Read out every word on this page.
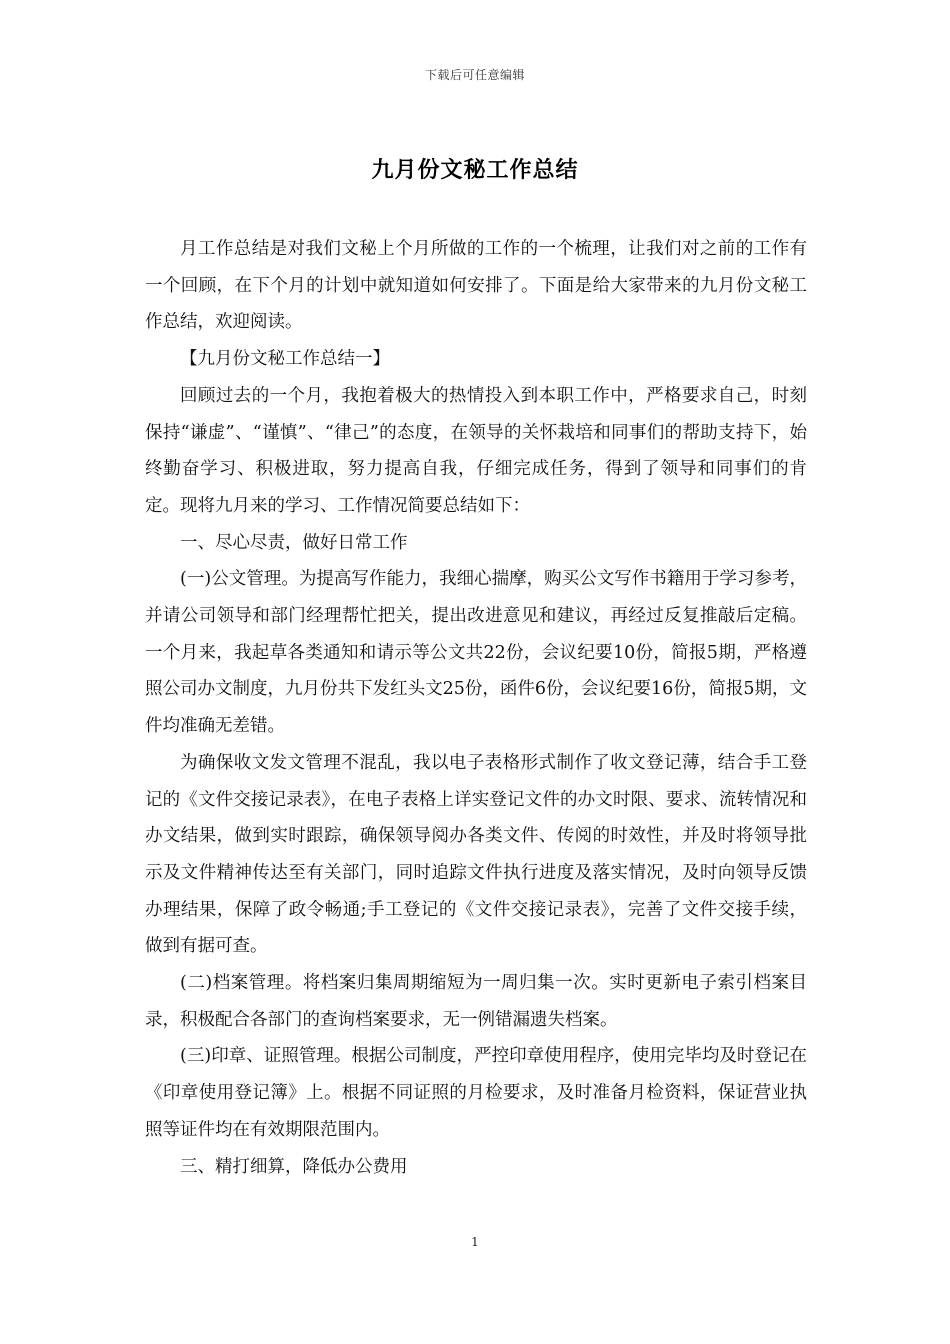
下载后可任意编辑
九月份文秘工作总结

月工作总结是对我们文秘上个月所做的工作的一个梳理，让我们对之前的工作有一个回顾，在下个月的计划中就知道如何安排了。下面是给大家带来的九月份文秘工作总结，欢迎阅读。

【九月份文秘工作总结一】

回顾过去的一个月，我抱着极大的热情投入到本职工作中，严格要求自己，时刻保持“谦虚”、“谨慎”、“律己”的态度，在领导的关怀栽培和同事们的帮助支持下，始终勤奋学习、积极进取，努力提高自我，仔细完成任务，得到了领导和同事们的肯定。现将九月来的学习、工作情况简要总结如下：

一、尽心尽责，做好日常工作

(一)公文管理。为提高写作能力，我细心揣摩，购买公文写作书籍用于学习参考，并请公司领导和部门经理帮忙把关，提出改进意见和建议，再经过反复推敲后定稿。一个月来，我起草各类通知和请示等公文共22份，会议纪要10份，简报5期，严格遵照公司办文制度，九月份共下发红头文25份，函件6份，会议纪要16份，简报5期，文件均准确无差错。

为确保收文发文管理不混乱，我以电子表格形式制作了收文登记薄，结合手工登记的《文件交接记录表》，在电子表格上详实登记文件的办文时限、要求、流转情况和办文结果，做到实时跟踪，确保领导阅办各类文件、传阅的时效性，并及时将领导批示及文件精神传达至有关部门，同时追踪文件执行进度及落实情况，及时向领导反馈办理结果，保障了政令畅通;手工登记的《文件交接记录表》，完善了文件交接手续，做到有据可查。

(二)档案管理。将档案归集周期缩短为一周归集一次。实时更新电子索引档案目录，积极配合各部门的查询档案要求，无一例错漏遗失档案。

(三)印章、证照管理。根据公司制度，严控印章使用程序，使用完毕均及时登记在《印章使用登记簿》上。根据不同证照的月检要求，及时准备月检资料，保证营业执照等证件均在有效期限范围内。

三、精打细算，降低办公费用

1
